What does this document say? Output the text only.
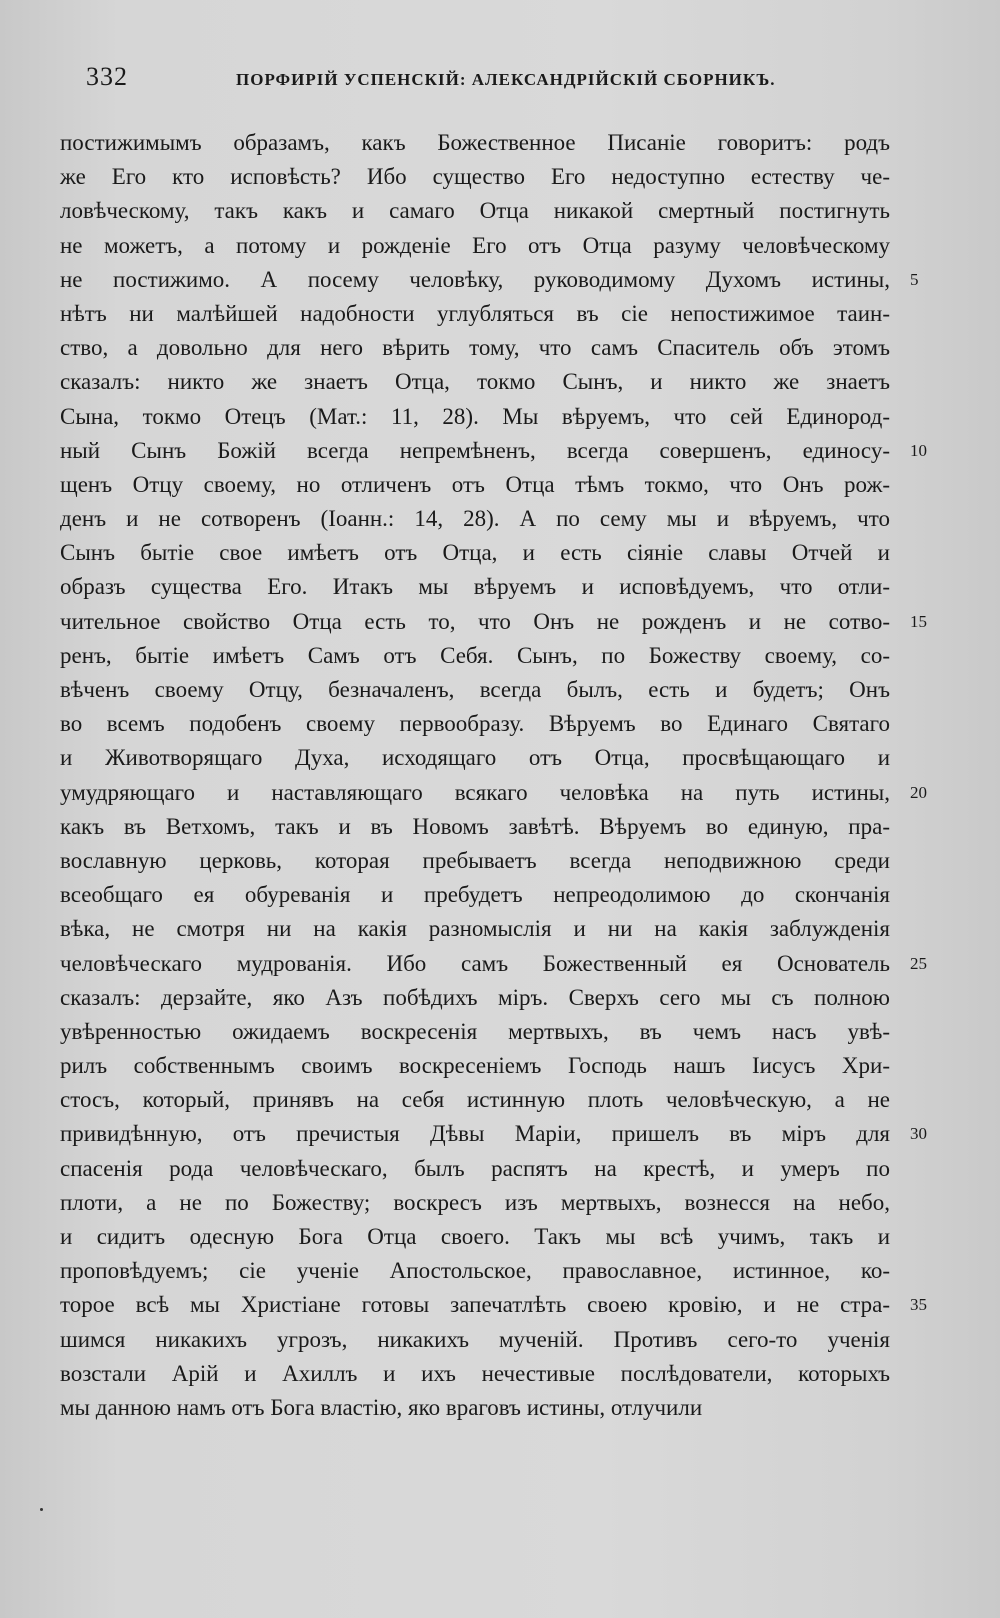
332	ПОРФИРІЙ УСПЕНСКІЙ: АЛЕКСАНДРІЙСКІЙ СБОРНИКЪ.
постижимымъ образамъ, какъ Божественное Писаніе говоритъ: родъ
же Его кто исповѣсть? Ибо существо Его недоступно естеству че-
ловѣческому, такъ какъ и самаго Отца никакой смертный постигнуть
не можетъ, а потому и рожденіе Его отъ Отца разуму человѣческому
не постижимо. А посему человѣку, руководимому Духомъ истины, 5
нѣтъ ни малѣйшей надобности углубляться въ сіе непостижимое таин-
ство, а довольно для него вѣрить тому, что самъ Спаситель объ этомъ
сказалъ: никто же знаетъ Отца, токмо Сынъ, и никто же знаетъ
Сына, токмо Отецъ (Мат.: 11, 28). Мы вѣруемъ, что сей Единород-
ный Сынъ Божій всегда непремѣненъ, всегда совершенъ, единосу- 10
щенъ Отцу своему, но отличенъ отъ Отца тѣмъ токмо, что Онъ рож-
денъ и не сотворенъ (Іоанн.: 14, 28). А по сему мы и вѣруемъ, что
Сынъ бытіе свое имѣетъ отъ Отца, и есть сіяніе славы Отчей и
образъ существа Его. Итакъ мы вѣруемъ и исповѣдуемъ, что отли-
чительное свойство Отца есть то, что Онъ не рожденъ и не сотво- 15
ренъ, бытіе имѣетъ Самъ отъ Себя. Сынъ, по Божеству своему, со-
вѣченъ своему Отцу, безначаленъ, всегда былъ, есть и будетъ; Онъ
во всемъ подобенъ своему первообразу. Вѣруемъ во Единаго Святаго
и Животворящаго Духа, исходящаго отъ Отца, просвѣщающаго и
умудряющаго и наставляющаго всякаго человѣка на путь истины, 20
какъ въ Ветхомъ, такъ и въ Новомъ завѣтѣ. Вѣруемъ во единую, пра-
вославную церковь, которая пребываетъ всегда неподвижною среди
всеобщаго ея обуреванія и пребудетъ непреодолимою до скончанія
вѣка, не смотря ни на какія разномыслія и ни на какія заблужденія
человѣческаго мудрованія. Ибо самъ Божественный ея Основатель 25
сказалъ: дерзайте, яко Азъ побѣдихъ міръ. Сверхъ сего мы съ полною
увѣренностью ожидаемъ воскресенія мертвыхъ, въ чемъ насъ увѣ-
рилъ собственнымъ своимъ воскресеніемъ Господь нашъ Іисусъ Хри-
стосъ, который, принявъ на себя истинную плоть человѣческую, а не
привидѣнную, отъ пречистыя Дѣвы Маріи, пришелъ въ міръ для 30
спасенія рода человѣческаго, былъ распятъ на крестѣ, и умеръ по
плоти, а не по Божеству; воскресъ изъ мертвыхъ, вознесся на небо,
и сидитъ одесную Бога Отца своего. Такъ мы всѣ учимъ, такъ и
проповѣдуемъ; сіе ученіе Апостольское, православное, истинное, ко-
торое всѣ мы Христіане готовы запечатлѣть своею кровію, и не стра- 35
шимся никакихъ угрозъ, никакихъ мученій. Противъ сего-то ученія
возстали Арій и Ахиллъ и ихъ нечестивые послѣдователи, которыхъ
мы данною намъ отъ Бога властію, яко враговъ истины, отлучили
